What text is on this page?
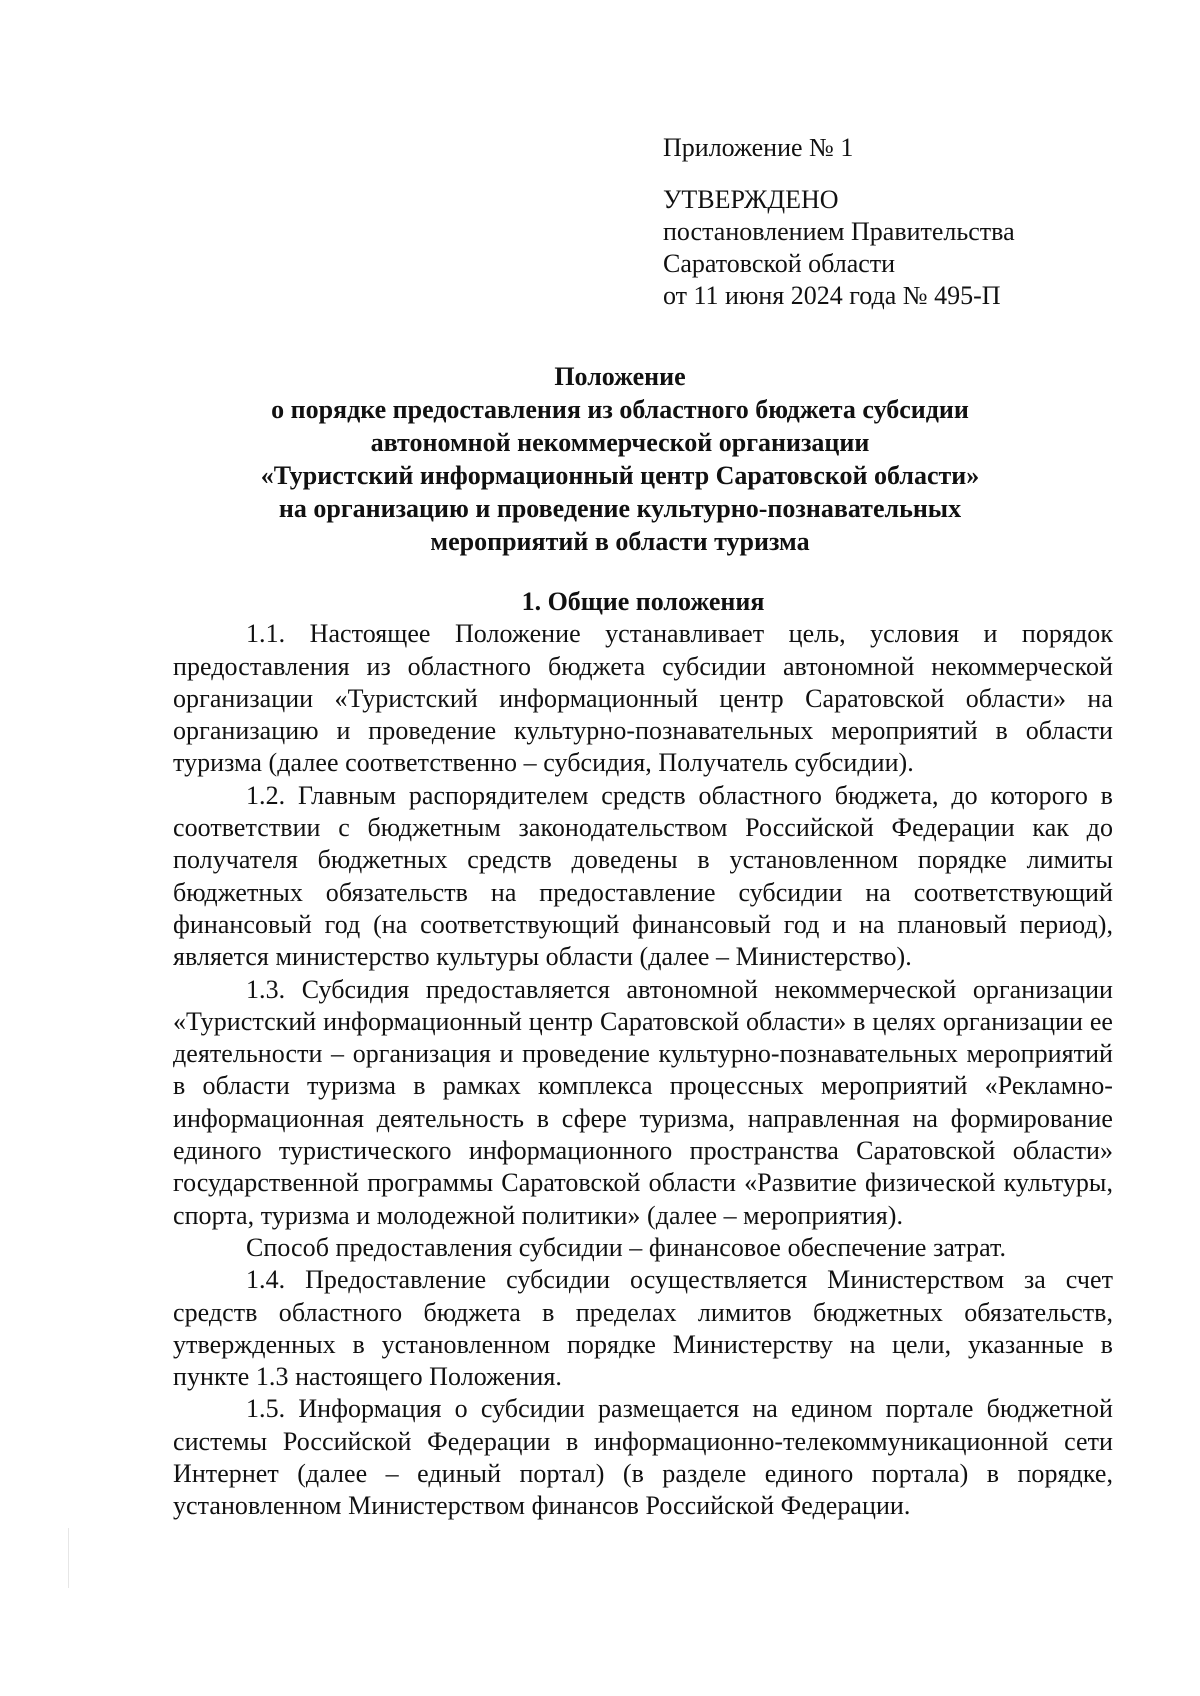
Приложение № 1

УТВЕРЖДЕНО

постановлением Правительства

Саратовской области

от 11 июня 2024 года № 495-П

Положение
о порядке предоставления из областного бюджета субсидии
автономной некоммерческой организации
«Туристский информационный центр Саратовской области»
на организацию и проведение культурно-познавательных
мероприятий в области туризма

1. Общие положения

1.1. Настоящее Положение устанавливает цель, условия и порядок предоставления из областного бюджета субсидии автономной некоммерческой организации «Туристский информационный центр Саратовской области» на организацию и проведение культурно-познавательных мероприятий в области туризма (далее соответственно – субсидия, Получатель субсидии).

1.2. Главным распорядителем средств областного бюджета, до которого в соответствии с бюджетным законодательством Российской Федерации как до получателя бюджетных средств доведены в установленном порядке лимиты бюджетных обязательств на предоставление субсидии на соответствующий финансовый год (на соответствующий финансовый год и на плановый период), является министерство культуры области (далее – Министерство).

1.3. Субсидия предоставляется автономной некоммерческой организации «Туристский информационный центр Саратовской области» в целях организации ее деятельности – организация и проведение культурно-познавательных мероприятий в области туризма в рамках комплекса процессных мероприятий «Рекламно-информационная деятельность в сфере туризма, направленная на формирование единого туристического информационного пространства Саратовской области» государственной программы Саратовской области «Развитие физической культуры, спорта, туризма и молодежной политики» (далее – мероприятия).

Способ предоставления субсидии – финансовое обеспечение затрат.

1.4. Предоставление субсидии осуществляется Министерством за счет средств областного бюджета в пределах лимитов бюджетных обязательств, утвержденных в установленном порядке Министерству на цели, указанные в пункте 1.3 настоящего Положения.

1.5. Информация о субсидии размещается на едином портале бюджетной системы Российской Федерации в информационно-телекоммуникационной сети Интернет (далее – единый портал) (в разделе единого портала) в порядке, установленном Министерством финансов Российской Федерации.
